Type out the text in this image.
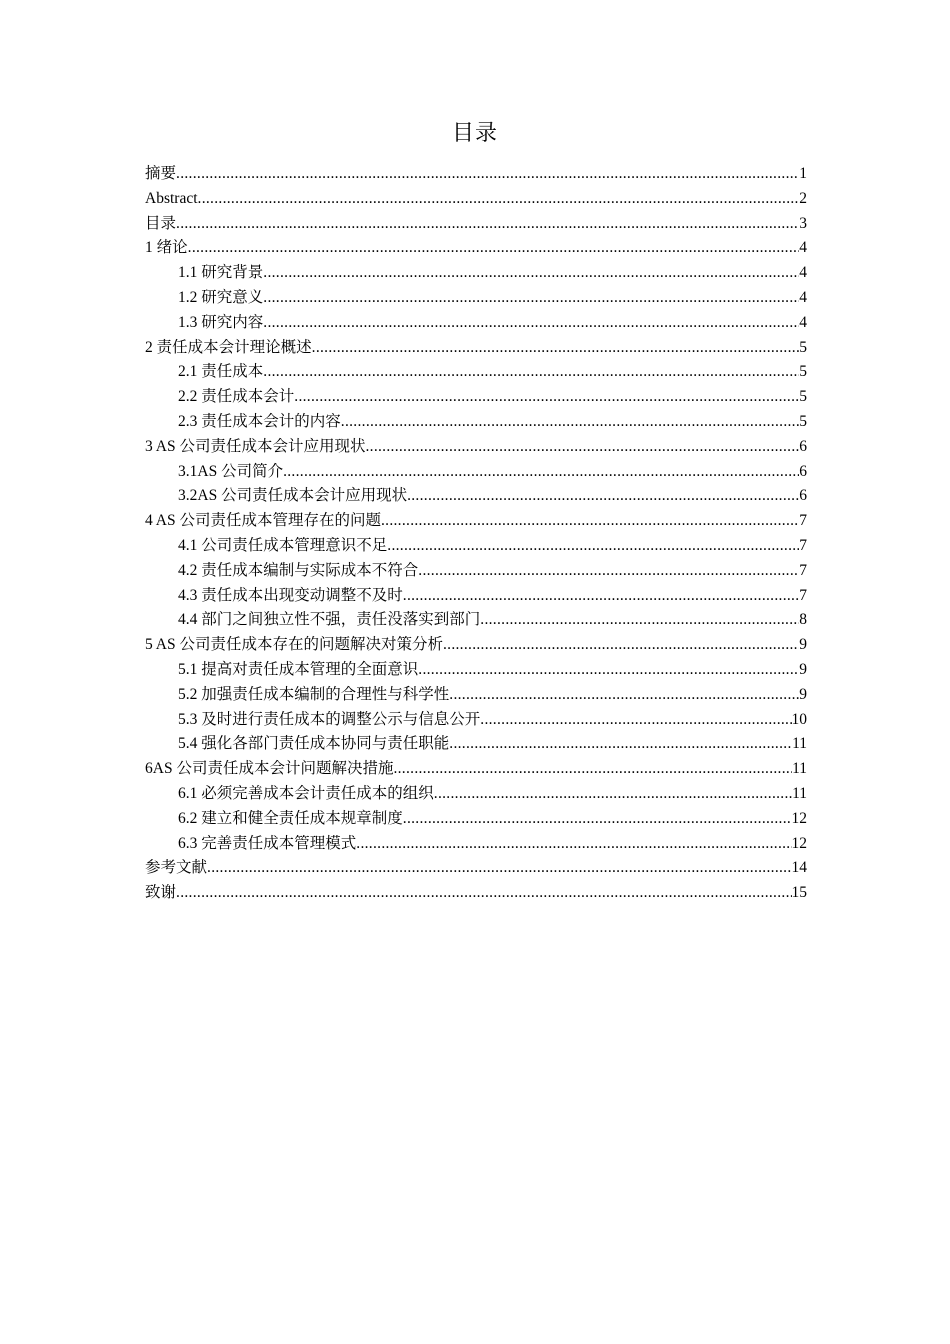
目录
摘要 .....	1
Abstract .....	2
目录 .....	3
1 绪论 .....	4
1.1 研究背景 .....	4
1.2 研究意义 .....	4
1.3 研究内容 .....	4
2 责任成本会计理论概述 .....	5
2.1 责任成本 .....	5
2.2 责任成本会计 .....	5
2.3 责任成本会计的内容 .....	5
3 AS 公司责任成本会计应用现状 .....	6
3.1AS 公司简介 .....	6
3.2AS 公司责任成本会计应用现状 .....	6
4 AS 公司责任成本管理存在的问题 .....	7
4.1 公司责任成本管理意识不足 .....	7
4.2 责任成本编制与实际成本不符合 .....	7
4.3 责任成本出现变动调整不及时 .....	7
4.4 部门之间独立性不强，责任没落实到部门 .....	8
5 AS 公司责任成本存在的问题解决对策分析 .....	9
5.1 提高对责任成本管理的全面意识 .....	9
5.2 加强责任成本编制的合理性与科学性 .....	9
5.3 及时进行责任成本的调整公示与信息公开 .....	10
5.4 强化各部门责任成本协同与责任职能 .....	11
6AS 公司责任成本会计问题解决措施 .....	11
6.1 必须完善成本会计责任成本的组织 .....	11
6.2 建立和健全责任成本规章制度 .....	12
6.3 完善责任成本管理模式 .....	12
参考文献 .....	14
致谢 .....	15
